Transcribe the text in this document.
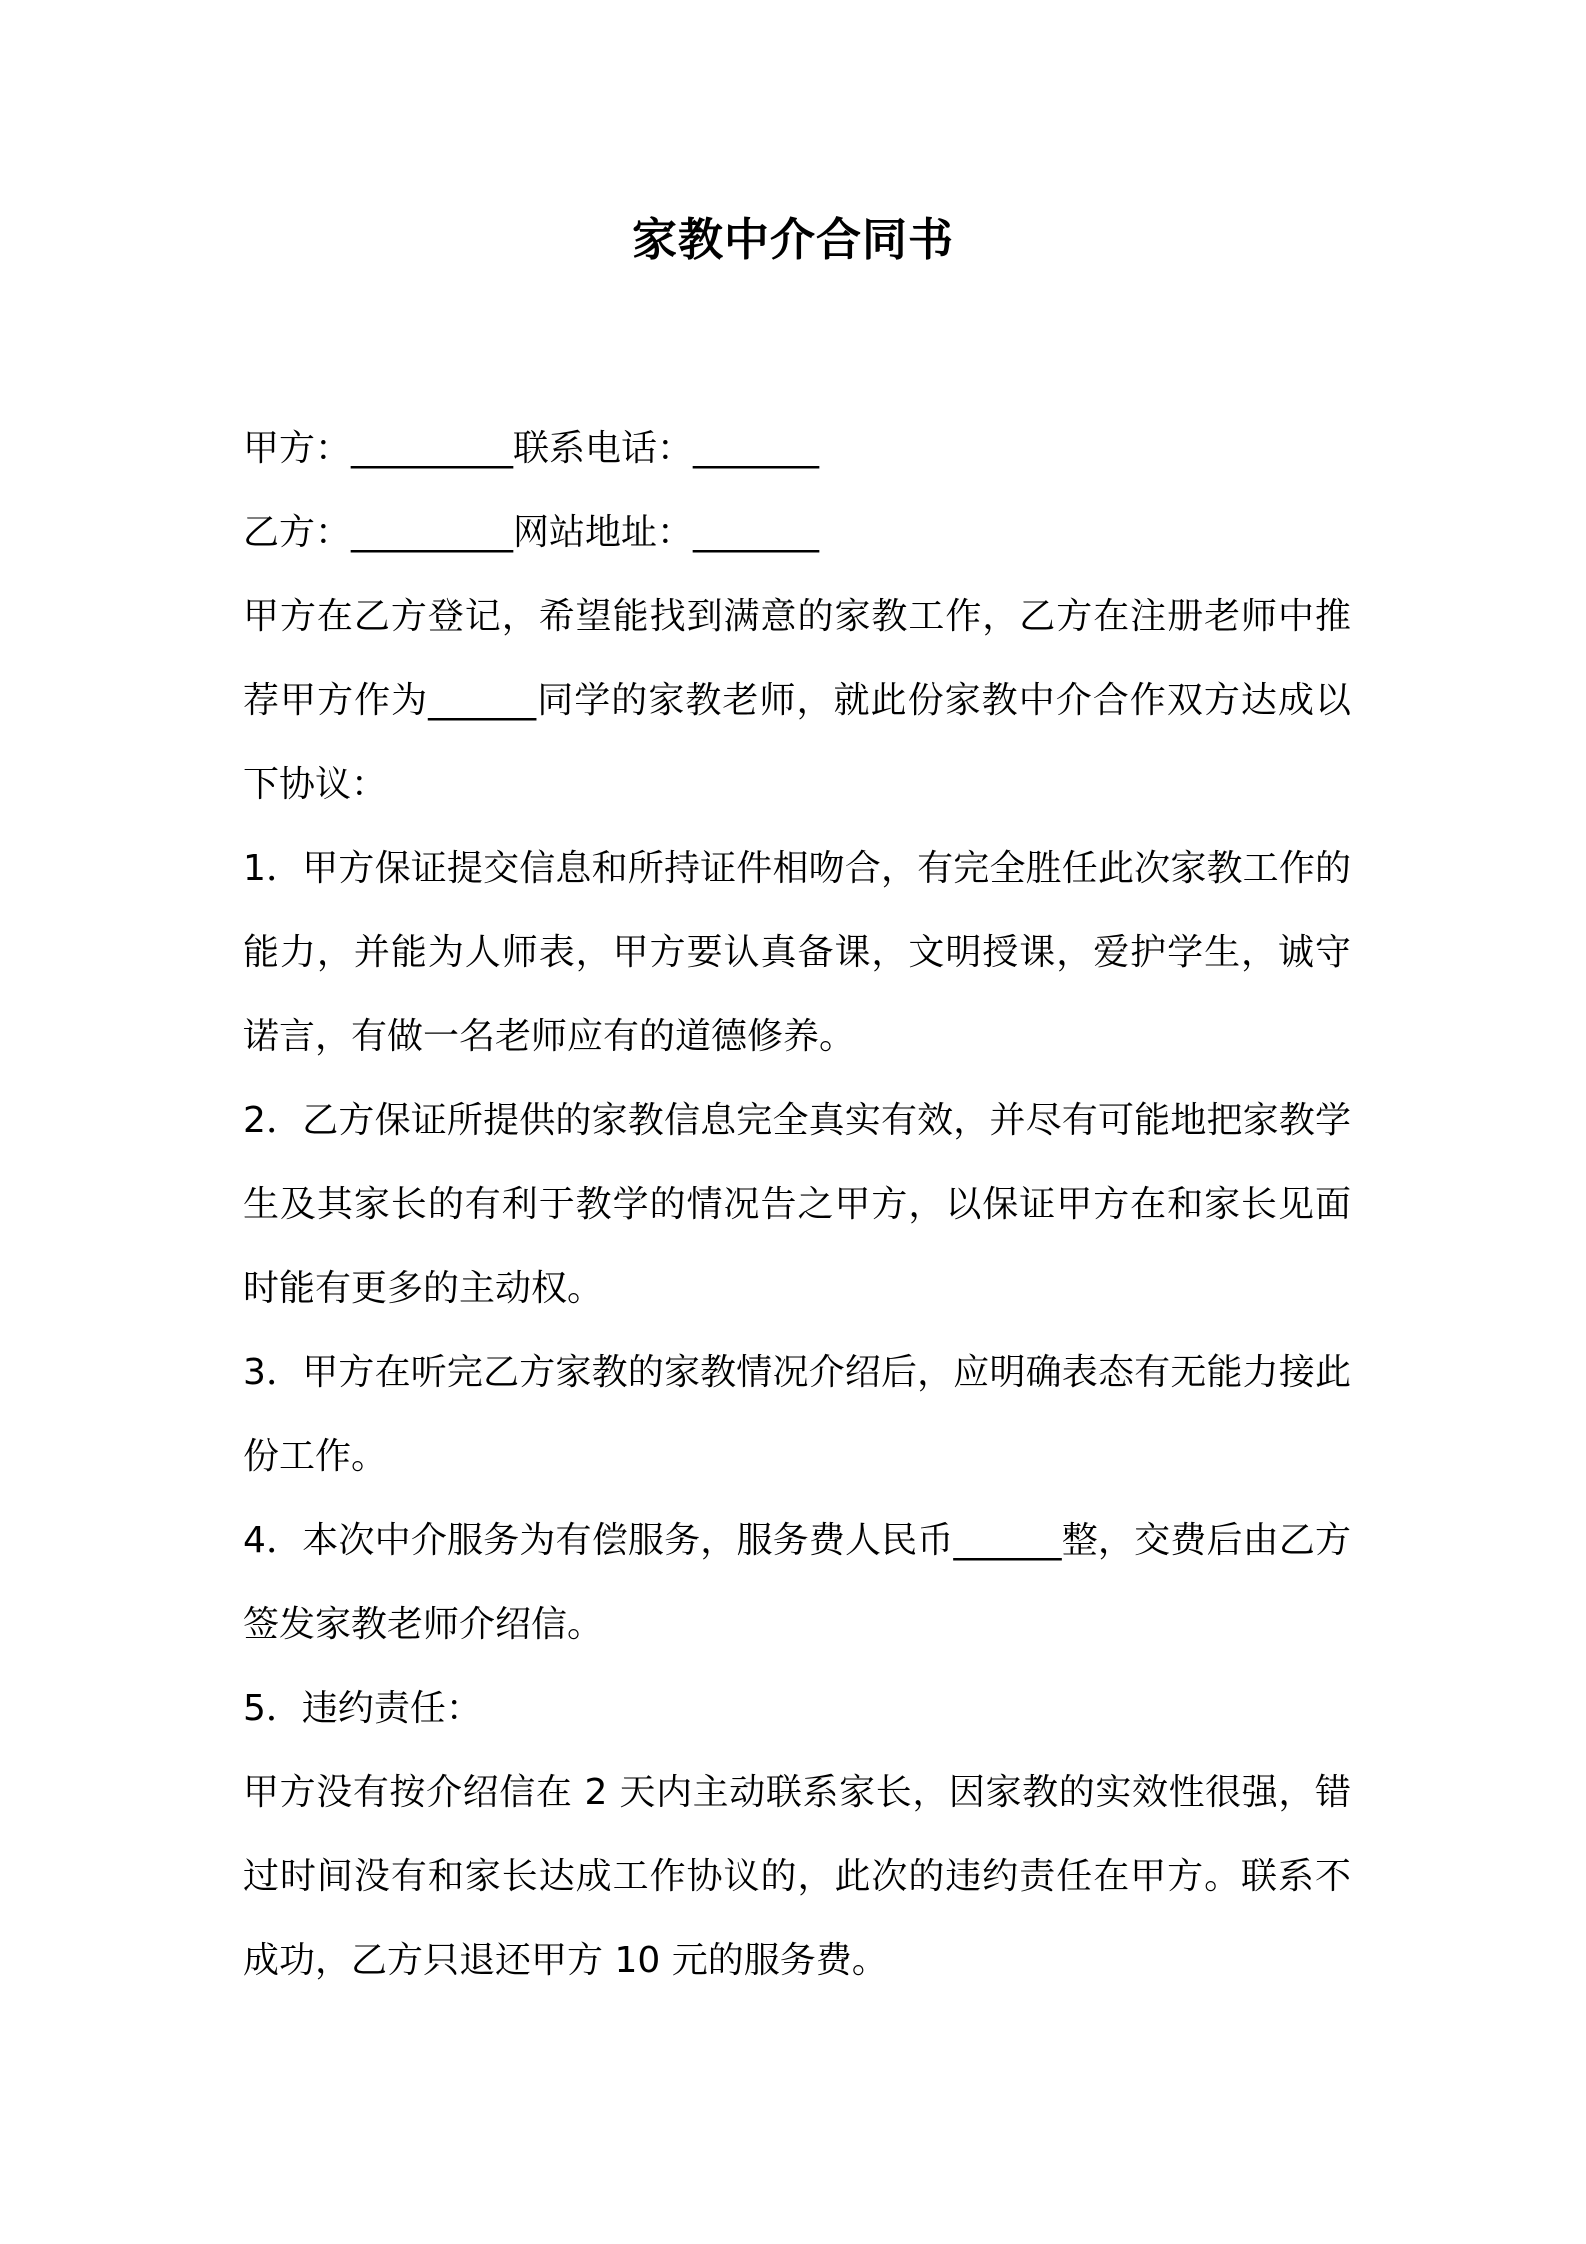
家教中介合同书

甲方：_________联系电话：_______

乙方：_________网站地址：_______

甲方在乙方登记，希望能找到满意的家教工作，乙方在注册老师中推荐甲方作为______同学的家教老师，就此份家教中介合作双方达成以下协议：

1．甲方保证提交信息和所持证件相吻合，有完全胜任此次家教工作的能力，并能为人师表，甲方要认真备课，文明授课，爱护学生，诚守诺言，有做一名老师应有的道德修养。

2．乙方保证所提供的家教信息完全真实有效，并尽有可能地把家教学生及其家长的有利于教学的情况告之甲方，以保证甲方在和家长见面时能有更多的主动权。

3．甲方在听完乙方家教的家教情况介绍后，应明确表态有无能力接此份工作。

4．本次中介服务为有偿服务，服务费人民币______整，交费后由乙方签发家教老师介绍信。

5．违约责任：

甲方没有按介绍信在 2 天内主动联系家长，因家教的实效性很强，错过时间没有和家长达成工作协议的，此次的违约责任在甲方。联系不成功，乙方只退还甲方 10 元的服务费。
